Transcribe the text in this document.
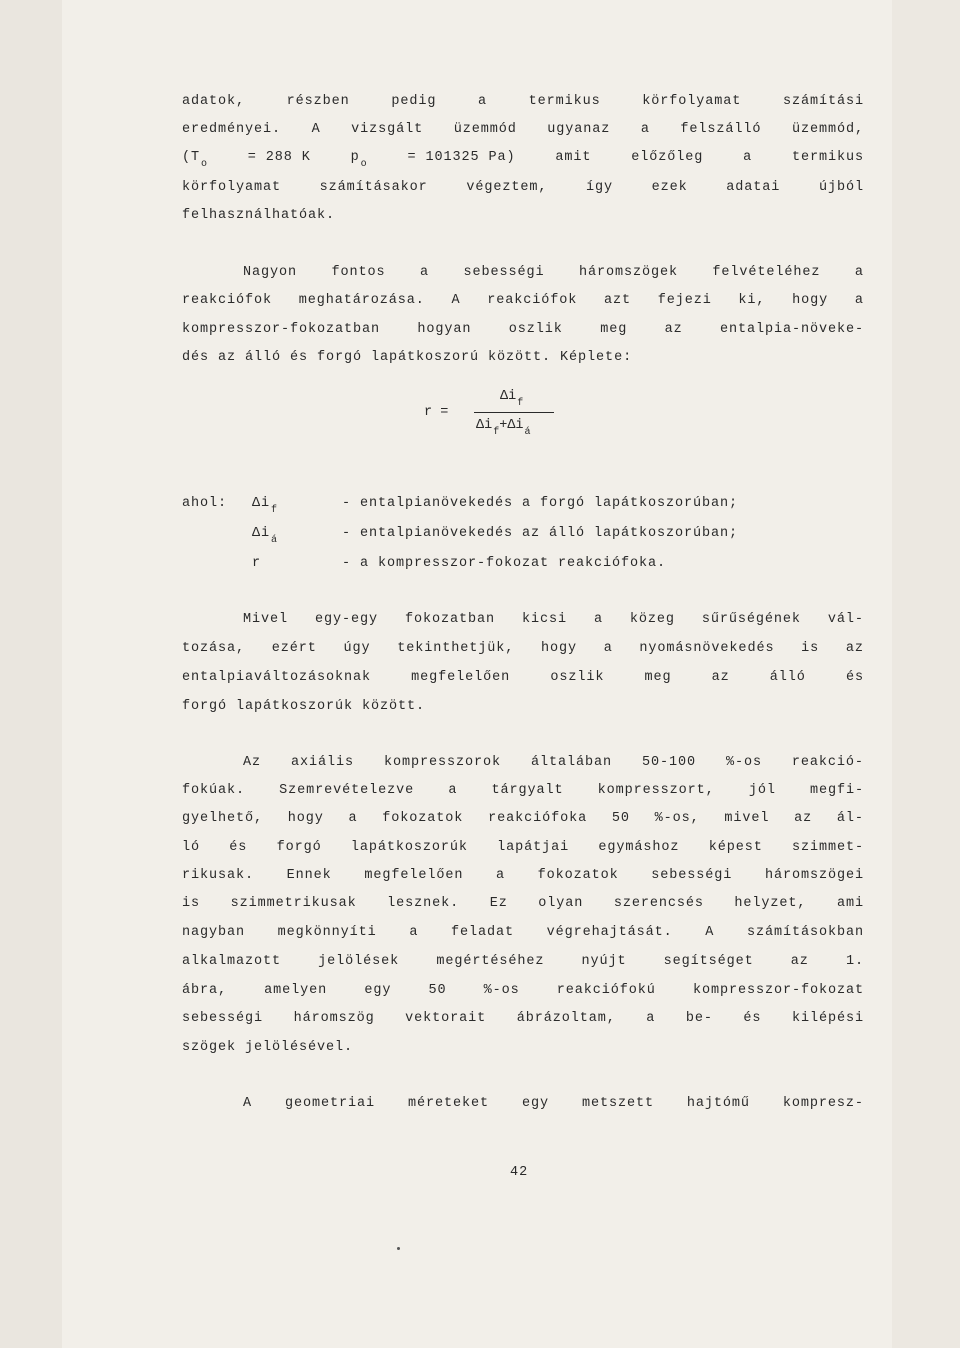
adatok,	részben	pedig	a	termikus	körfolyamat	számítási
eredményei. A vizsgált üzemmód ugyanaz a felszálló üzemmód,
(To	= 288 K	po	= 101325 Pa)	amit	előzőleg	a	termikus
körfolyamat	számításakor	végeztem,	így	ezek	adatai	újból
felhasználhatóak.
Nagyon	fontos	a	sebességi	háromszögek	felvételéhez	a
reakciófok meghatározása. A reakciófok azt fejezi ki, hogy a
kompresszor-fokozatban	hogyan	oszlik	meg	az	entalpia-növeke-
dés az álló és forgó lapátkoszorú között. Képlete:
r =
$\Delta i_f$
$\Delta i_f+\Delta i_á$
ahol: $\Delta i_f$	- entalpianövekedés a forgó lapátkoszorúban;
$\Delta i_á$	- entalpianövekedés az álló lapátkoszorúban;
r	- a kompresszor-fokozat reakciófoka.
Mivel egy-egy fokozatban kicsi a közeg sűrűségének vál-
tozása, ezért úgy tekinthetjük, hogy a nyomásnövekedés is az
entalpiaváltozásoknak	megfelelően	oszlik	meg	az	álló	és
forgó lapátkoszorúk között.
Az axiális kompresszorok általában 50-100 %-os reakció-
fokúak.	Szemrevételezve	a	tárgyalt	kompresszort,	jól	megfi-
gyelhető, hogy a fokozatok reakciófoka 50 %-os, mivel az ál-
ló és forgó lapátkoszorúk lapátjai egymáshoz képest szimmet-
rikusak. Ennek megfelelően a fokozatok sebességi háromszögei
is szimmetrikusak lesznek. Ez olyan szerencsés helyzet, ami
nagyban megkönnyíti a feladat végrehajtását. A számításokban
alkalmazott	jelölések	megértéséhez	nyújt	segítséget	az	1.
ábra,	amelyen	egy	50	%-os	reakciófokú	kompresszor-fokozat
sebességi háromszög vektorait ábrázoltam, a be- és kilépési
szögek jelölésével.
A geometriai méreteket egy metszett hajtómű kompresz-
42
